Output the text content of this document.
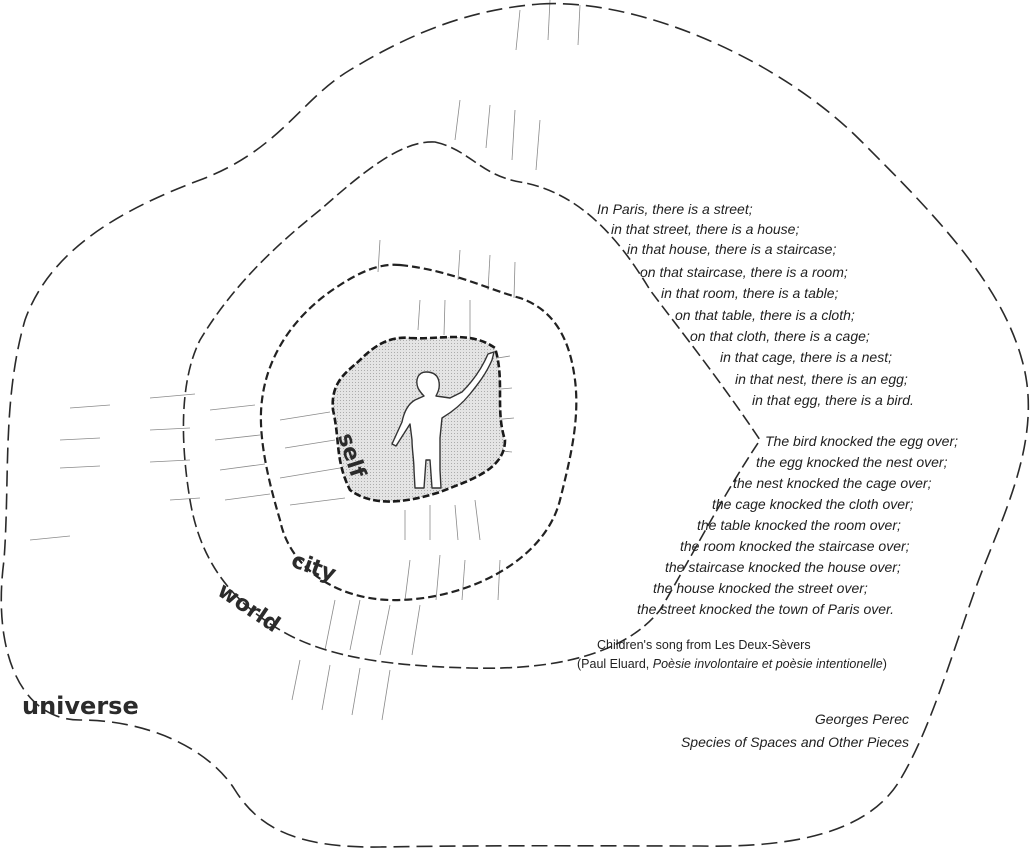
self
city
world
universe
In Paris, there is a street;
in that street, there is a house;
in that house, there is a staircase;
on that staircase, there is a room;
in that room, there is a table;
on that table, there is a cloth;
on that cloth, there is a cage;
in that cage, there is a nest;
in that nest, there is an egg;
in that egg, there is a bird.
The bird knocked the egg over;
the egg knocked the nest over;
the nest knocked the cage over;
the cage knocked the cloth over;
the table knocked the room over;
the room knocked the staircase over;
the staircase knocked the house over;
the house knocked the street over;
the street knocked the town of Paris over.
Children's song from Les Deux-Sèvers
(Paul Eluard, Poèsie involontaire et poèsie intentionelle)
Georges Perec
Species of Spaces and Other Pieces
